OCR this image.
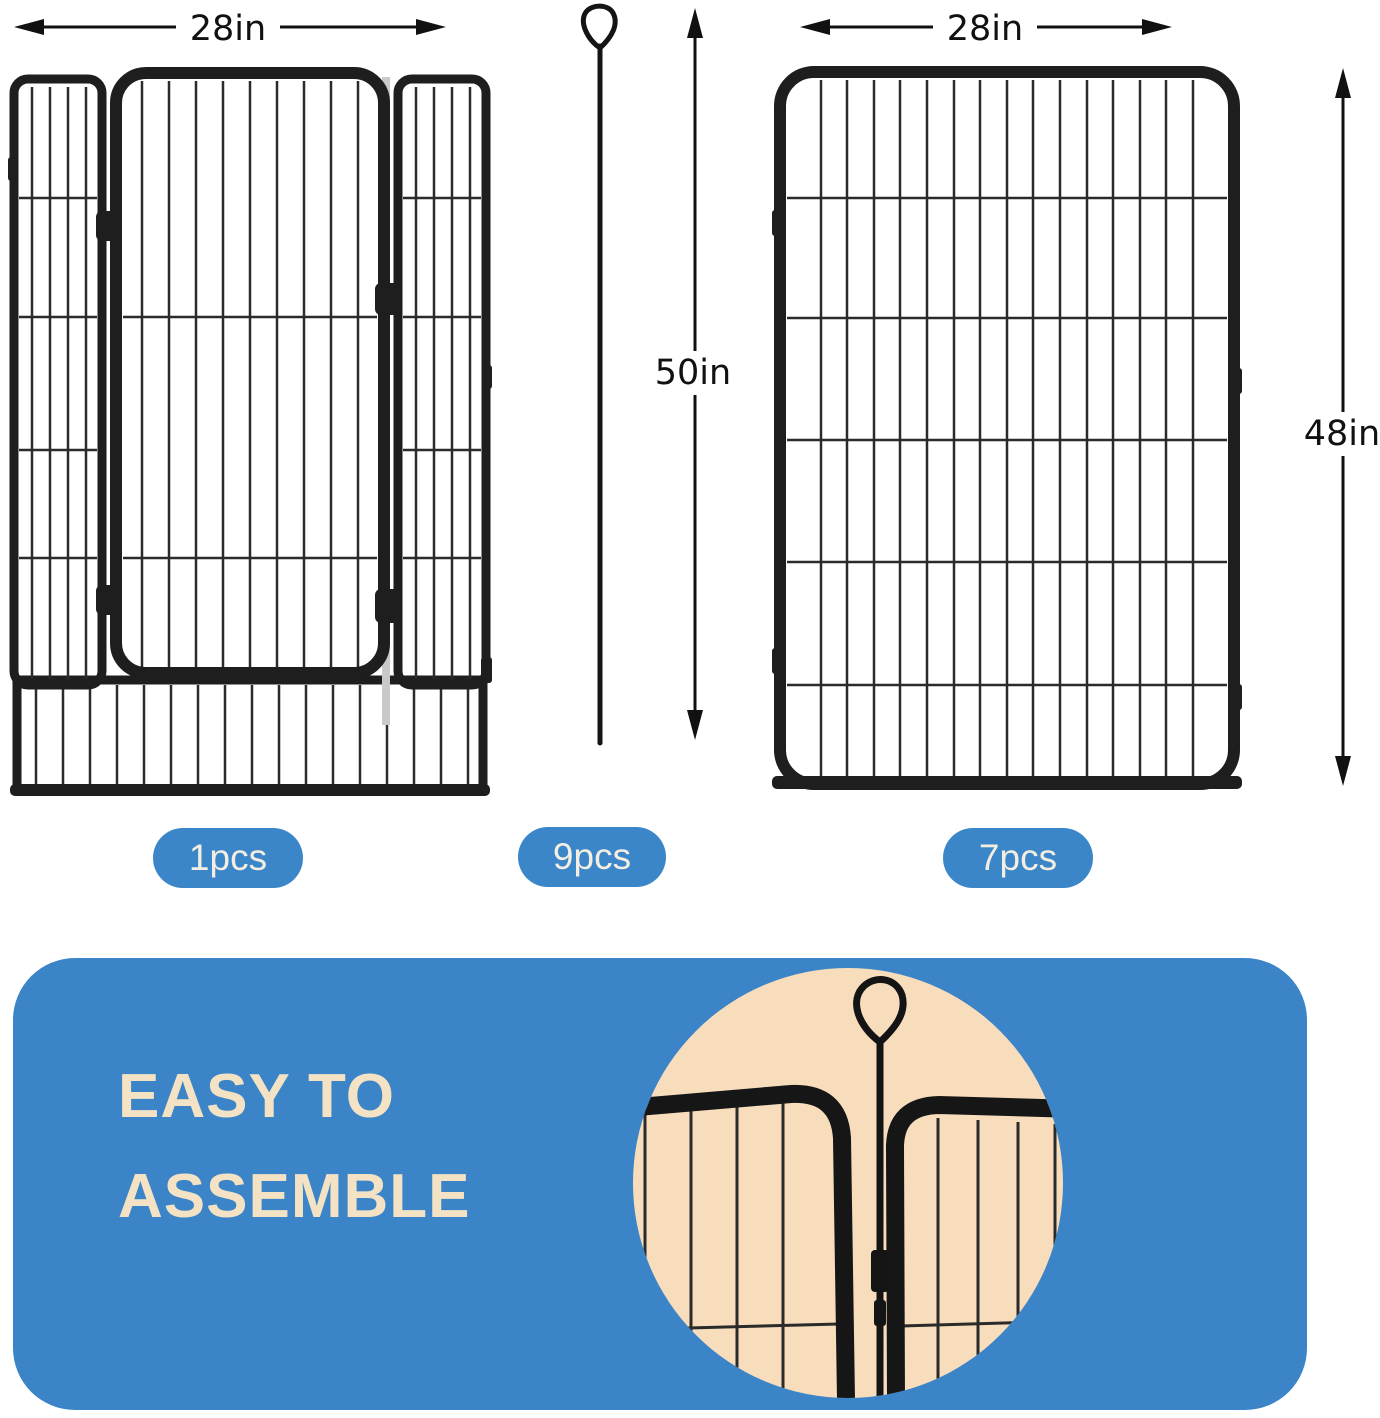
28in	28in
50in
48in
1pcs	9pcs	7pcs
EASY TO
ASSEMBLE
